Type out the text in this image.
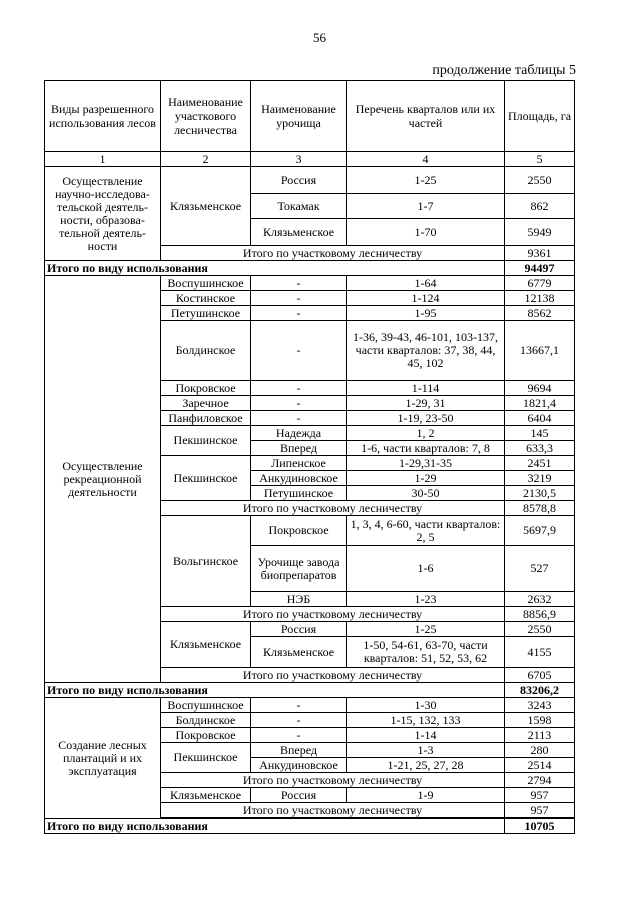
56
продолжение таблицы 5
Виды разрешенного использования лесов	Наименование участкового лесничества	Наименование урочища	Перечень кварталов или их частей	Площадь, га
1	2	3	4	5
Осуществление научно-исследова-тельской деятель-ности, образова-тельной деятель-ности	Клязьменское	Россия	1-25	2550
		Токамак	1-7	862
		Клязьменское	1-70	5949
	Итого по участковому лесничеству			9361
Итого по виду использования				94497
Осуществление рекреационной деятельности	Воспушинское	-	1-64	6779
	Костинское	-	1-124	12138
	Петушинское	-	1-95	8562
	Болдинское	-	1-36, 39-43, 46-101, 103-137, части кварталов: 37, 38, 44, 45, 102	13667,1
	Покровское	-	1-114	9694
	Заречное	-	1-29, 31	1821,4
	Панфиловское	-	1-19, 23-50	6404
	Пекшинское	Надежда	1, 2	145
		Вперед	1-6, части кварталов: 7, 8	633,3
	Пекшинское	Липенское	1-29,31-35	2451
		Анкудиновское	1-29	3219
		Петушинское	30-50	2130,5
	Итого по участковому лесничеству			8578,8
	Вольгинское	Покровское	1, 3, 4, 6-60, части кварталов: 2, 5	5697,9
		Урочище завода биопрепаратов	1-6	527
		НЭБ	1-23	2632
	Итого по участковому лесничеству			8856,9
	Клязьменское	Россия	1-25	2550
		Клязьменское	1-50, 54-61, 63-70, части кварталов: 51, 52, 53, 62	4155
	Итого по участковому лесничеству			6705
Итого по виду использования				83206,2
Создание лесных плантаций и их эксплуатация	Воспушинское	-	1-30	3243
	Болдинское	-	1-15, 132, 133	1598
	Покровское	-	1-14	2113
	Пекшинское	Вперед	1-3	280
		Анкудиновское	1-21, 25, 27, 28	2514
	Итого по участковому лесничеству			2794
	Клязьменское	Россия	1-9	957
	Итого по участковому лесничеству			957

Итого по виду использования				10705
